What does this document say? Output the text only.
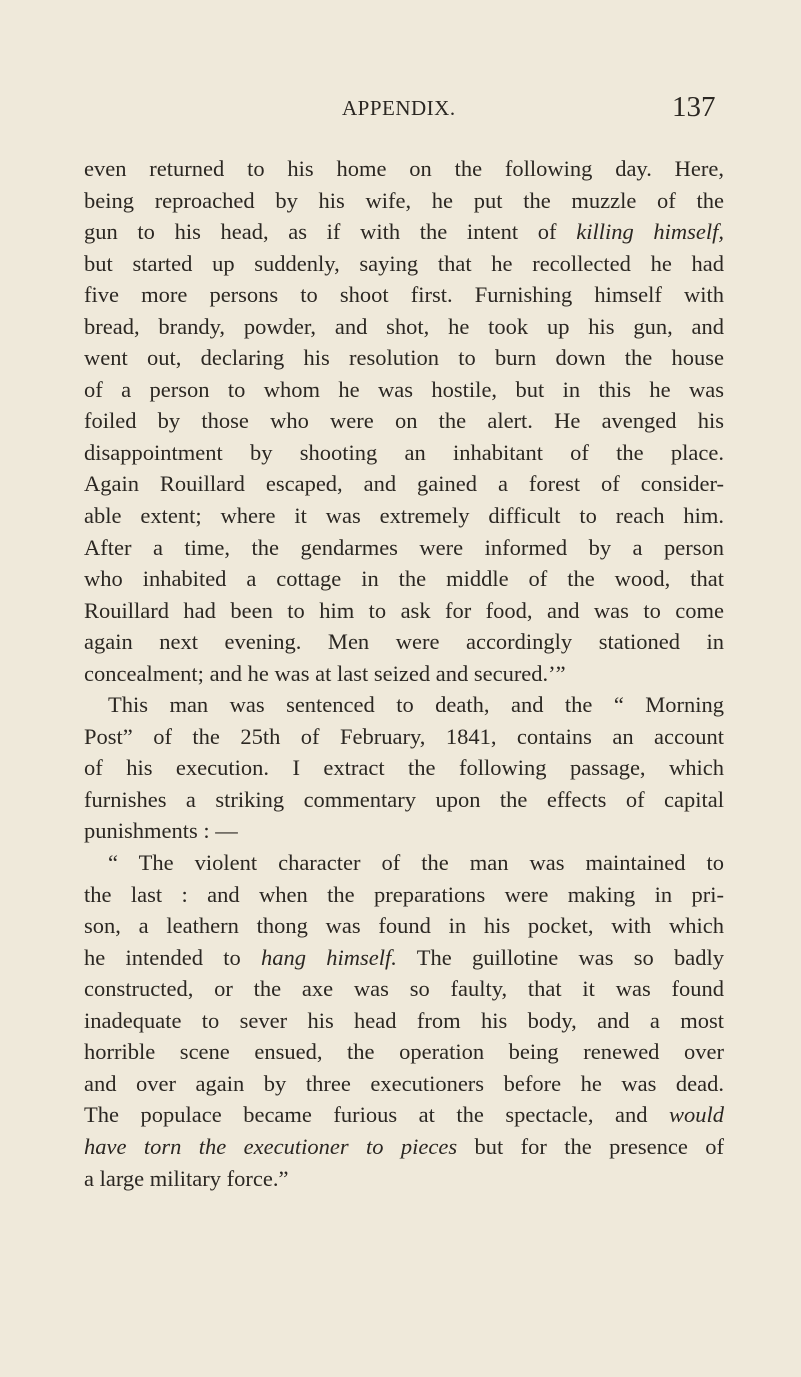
APPENDIX.	137
even returned to his home on the following day. Here,
being reproached by his wife, he put the muzzle of the
gun to his head, as if with the intent of killing himself,
but started up suddenly, saying that he recollected he had
five more persons to shoot first. Furnishing himself with
bread, brandy, powder, and shot, he took up his gun, and
went out, declaring his resolution to burn down the house
of a person to whom he was hostile, but in this he was
foiled by those who were on the alert. He avenged his
disappointment by shooting an inhabitant of the place.
Again Rouillard escaped, and gained a forest of consider-
able extent; where it was extremely difficult to reach him.
After a time, the gendarmes were informed by a person
who inhabited a cottage in the middle of the wood, that
Rouillard had been to him to ask for food, and was to come
again next evening. Men were accordingly stationed in
concealment; and he was at last seized and secured.’”
This man was sentenced to death, and the “ Morning
Post” of the 25th of February, 1841, contains an account
of his execution. I extract the following passage, which
furnishes a striking commentary upon the effects of capital
punishments : —
“ The violent character of the man was maintained to
the last : and when the preparations were making in pri-
son, a leathern thong was found in his pocket, with which
he intended to hang himself. The guillotine was so badly
constructed, or the axe was so faulty, that it was found
inadequate to sever his head from his body, and a most
horrible scene ensued, the operation being renewed over
and over again by three executioners before he was dead.
The populace became furious at the spectacle, and would
have torn the executioner to pieces but for the presence of
a large military force.”
